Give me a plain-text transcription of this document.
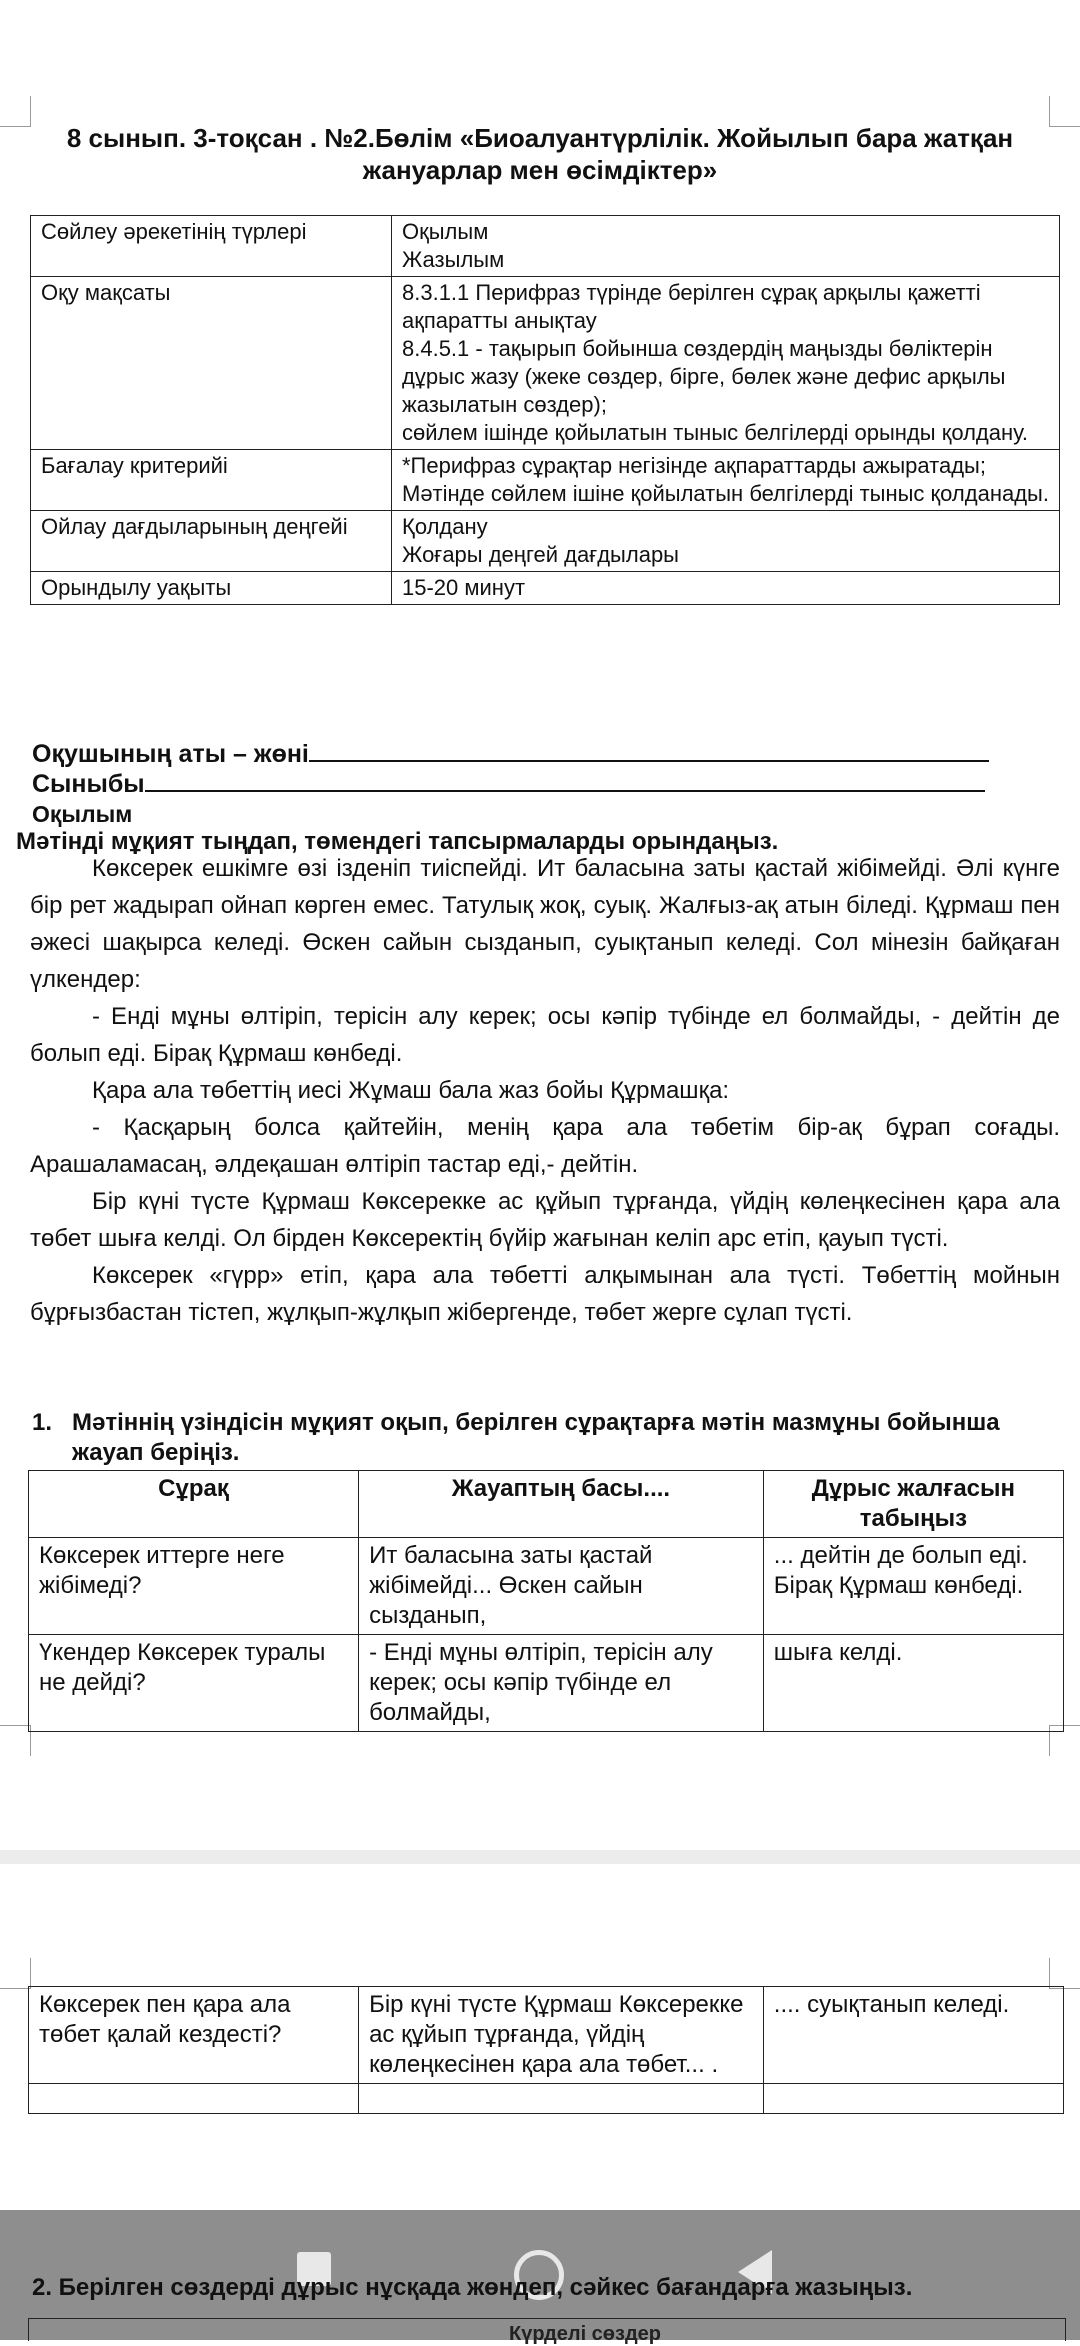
8 сынып. 3-тоқсан . №2.Бөлім «Биоалуантүрлілік. Жойылып бара жатқан жануарлар мен өсімдіктер»
Сөйлеу әрекетінің түрлері	Оқылым
Жазылым

Оқу мақсаты	8.3.1.1 Перифраз түрінде берілген сұрақ арқылы қажетті ақпаратты анықтау
8.4.5.1 - тақырып бойынша сөздердің маңызды бөліктерін дұрыс жазу (жеке сөздер, бірге, бөлек және дефис арқылы жазылатын сөздер);
сөйлем ішінде қойылатын тыныс белгілерді орынды қолдану.

Бағалау критерийі	*Перифраз сұрақтар негізінде ақпараттарды ажыратады;
Мәтінде сөйлем ішіне қойылатын белгілерді тыныс қолданады.

Ойлау дағдыларының деңгейі	Қолдану
Жоғары деңгей дағдылары

Орындылу уақыты	15-20 минут
Оқушының аты – жөні
Сыныбы
Оқылым
Мәтінді мұқият тыңдап, төмендегі тапсырмаларды орындаңыз.

Көксерек ешкімге өзі ізденіп тиіспейді. Ит баласына заты қастай жібімейді. Әлі күнге бір рет жадырап ойнап көрген емес. Татулық жоқ, суық. Жалғыз-ақ атын біледі. Құрмаш пен әжесі шақырса келеді. Өскен сайын сызданып, суықтанып келеді. Сол мінезін байқаған үлкендер:

- Енді мұны өлтіріп, терісін алу керек; осы кәпір түбінде ел болмайды, - дейтін де болып еді. Бірақ Құрмаш көнбеді.

Қара ала төбеттің иесі Жұмаш бала жаз бойы Құрмашқа:

- Қасқарың болса қайтейін, менің қара ала төбетім бір-ақ бұрап соғады. Арашаламасаң, әлдеқашан өлтіріп тастар еді,- дейтін.

Бір күні түсте Құрмаш Көксерекке ас құйып тұрғанда, үйдің көлеңкесінен қара ала төбет шыға келді. Ол бірден Көксеректің бүйір жағынан келіп арс етіп, қауып түсті.

Көксерек «гүрр» етіп, қара ала төбетті алқымынан ала түсті. Төбеттің мойнын бұрғызбастан тістеп, жұлқып-жұлқып жібергенде, төбет жерге сұлап түсті.

1. Мәтіннің үзіндісін мұқият оқып, берілген сұрақтарға мәтін мазмұны бойынша жауап беріңіз.
Сұрақ	Жауаптың басы....	Дұрыс жалғасын табыңыз
Көксерек иттерге неге жібімеді?	Ит баласына заты қастай жібімейді... Өскен сайын сызданып,	... дейтін де болып еді. Бірақ Құрмаш көнбеді.
Үкендер Көксерек туралы не дейді?	- Енді мұны өлтіріп, терісін алу керек; осы кәпір түбінде ел болмайды,	шыға келді.
Көксерек пен қара ала төбет қалай кездесті?	Бір күні түсте Құрмаш Көксерекке ас құйып тұрғанда, үйдің көлеңкесінен қара ала төбет... .	.... суықтанып келеді.

2. Берілген сөздерді дұрыс нұсқада жөндеп, сәйкес бағандарға жазыңыз.
Күрделі сөздер
